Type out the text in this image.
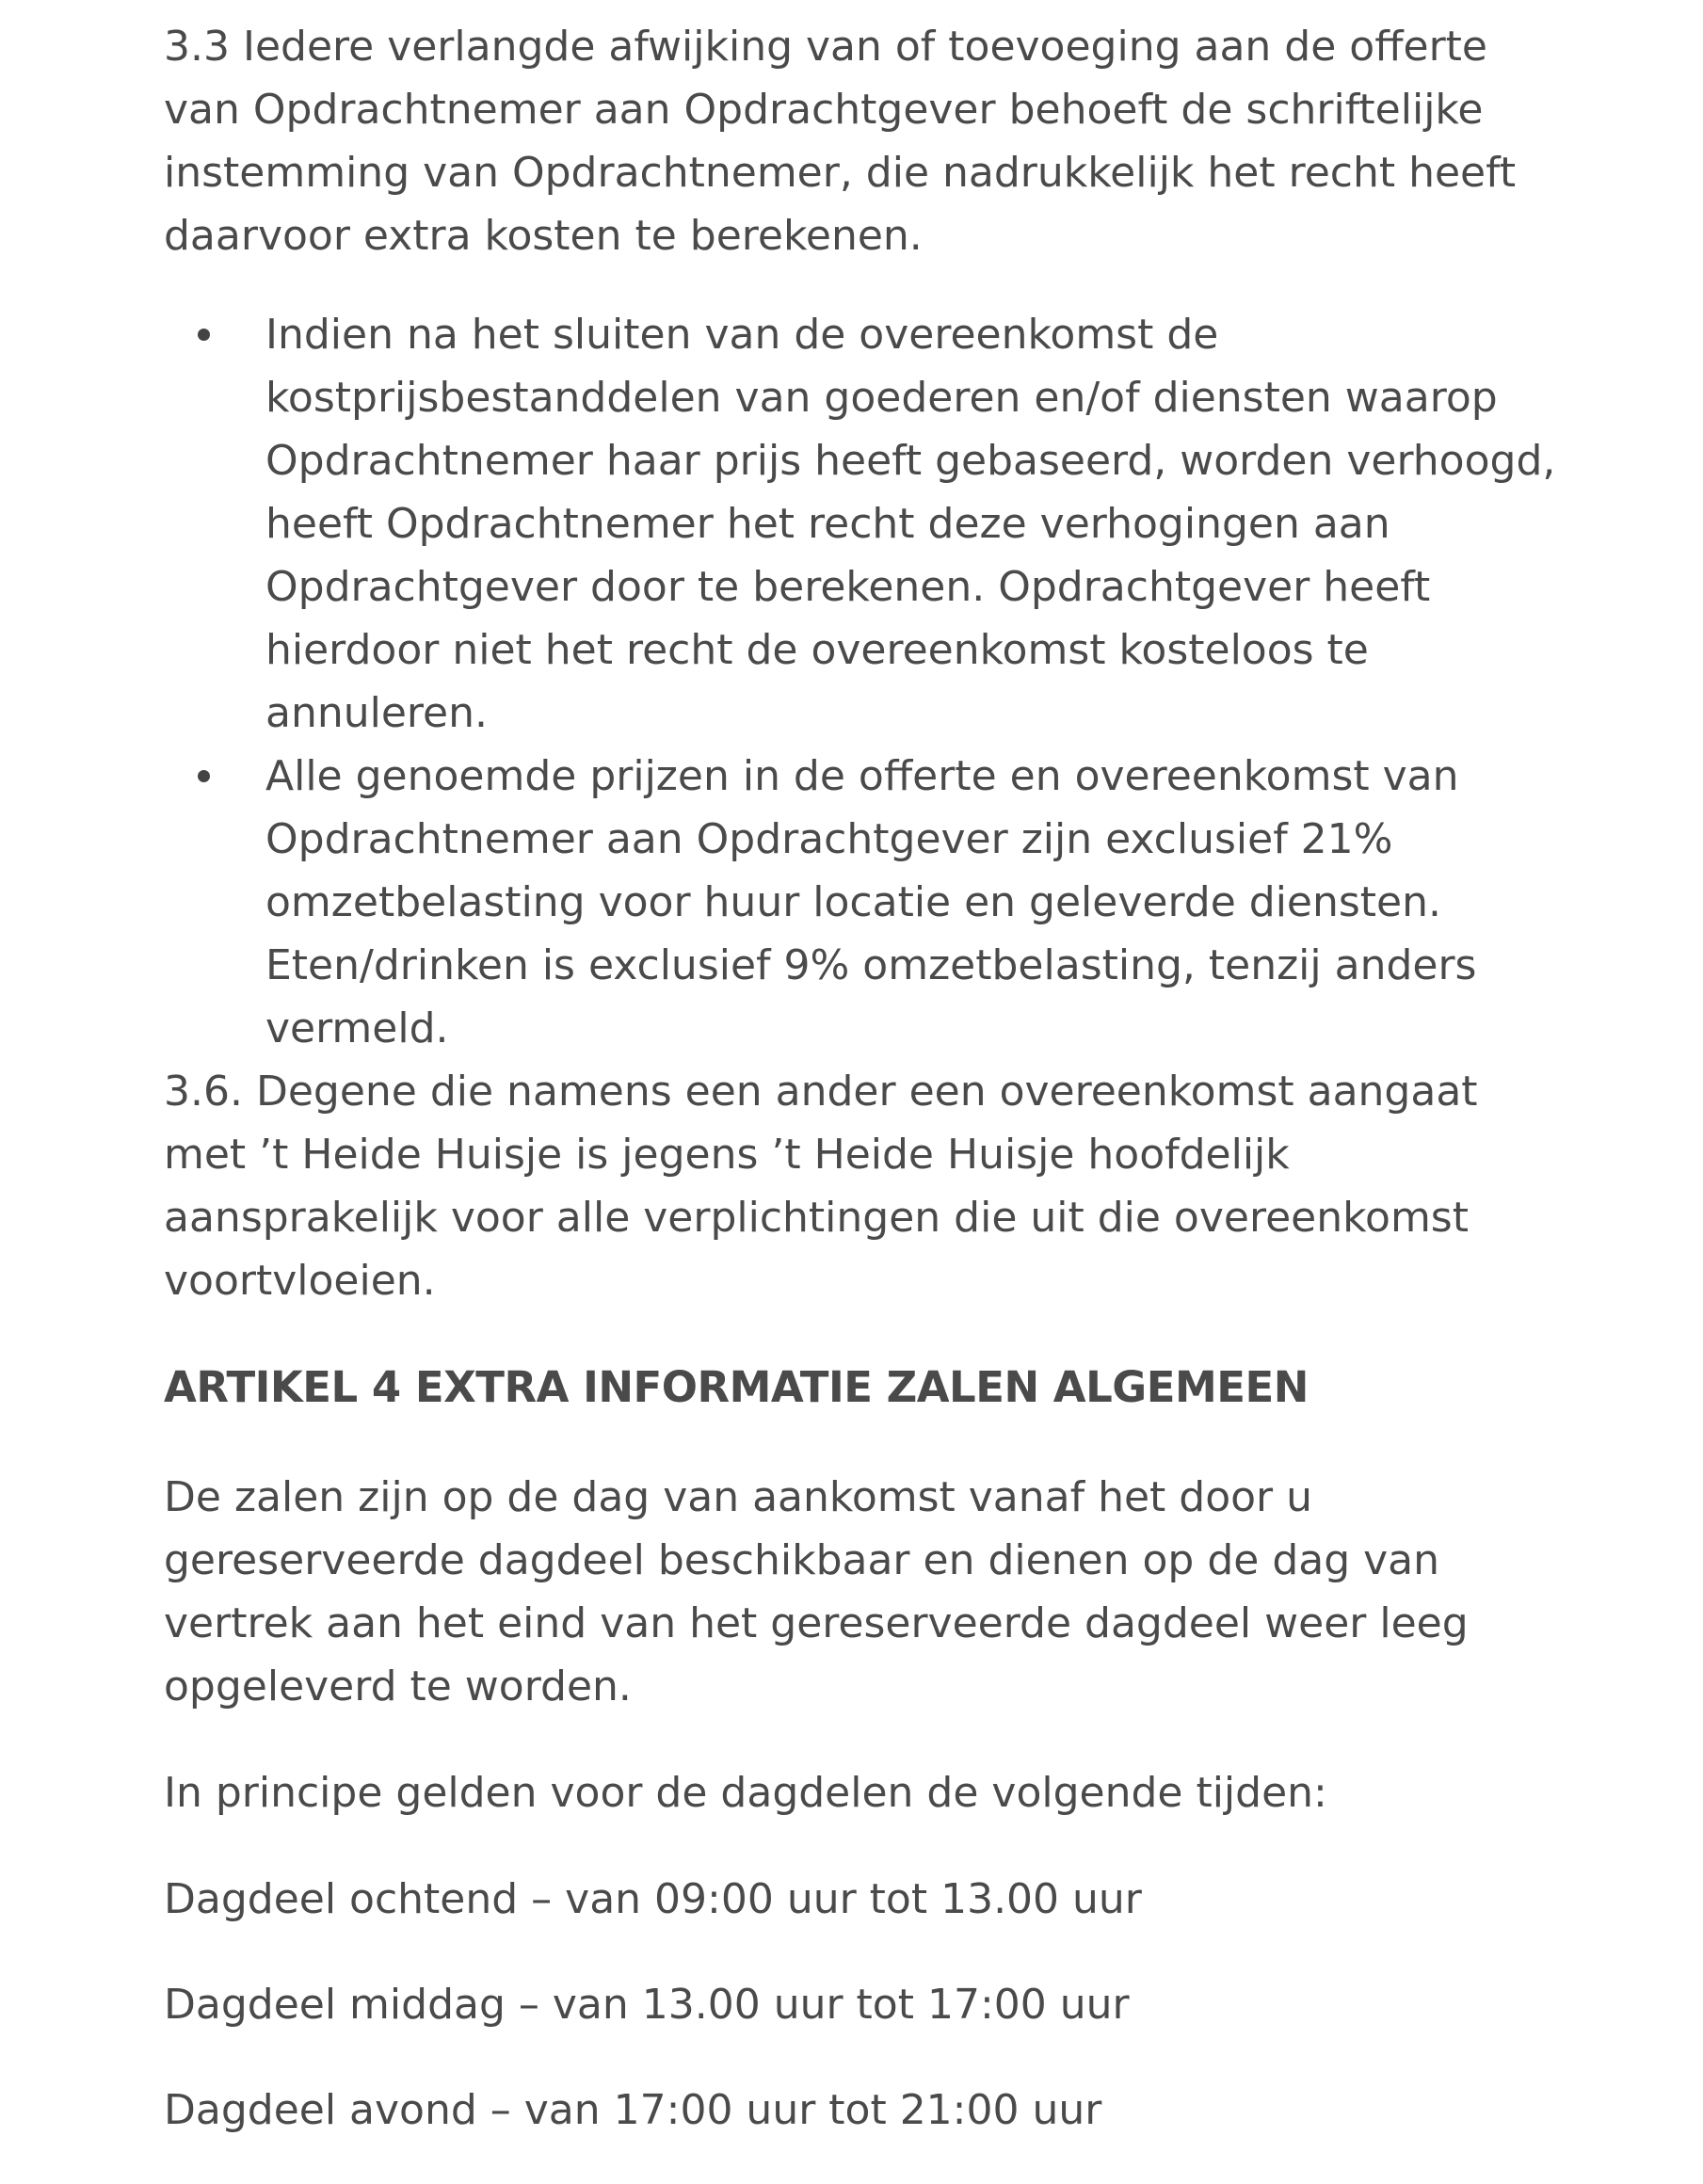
3.3 Iedere verlangde afwijking van of toevoeging aan de offerte van Opdrachtnemer aan Opdrachtgever behoeft de schriftelijke instemming van Opdrachtnemer, die nadrukkelijk het recht heeft daarvoor extra kosten te berekenen.

Indien na het sluiten van de overeenkomst de kostprijsbestanddelen van goederen en/of diensten waarop Opdrachtnemer haar prijs heeft gebaseerd, worden verhoogd, heeft Opdrachtnemer het recht deze verhogingen aan Opdrachtgever door te berekenen. Opdrachtgever heeft hierdoor niet het recht de overeenkomst kosteloos te annuleren.
Alle genoemde prijzen in de offerte en overeenkomst van Opdrachtnemer aan Opdrachtgever zijn exclusief 21% omzetbelasting voor huur locatie en geleverde diensten. Eten/drinken is exclusief 9% omzetbelasting, tenzij anders vermeld.

3.6. Degene die namens een ander een overeenkomst aangaat met ’t Heide Huisje is jegens ’t Heide Huisje hoofdelijk aansprakelijk voor alle verplichtingen die uit die overeenkomst voortvloeien.

ARTIKEL 4 EXTRA INFORMATIE ZALEN ALGEMEEN

De zalen zijn op de dag van aankomst vanaf het door u gereserveerde dagdeel beschikbaar en dienen op de dag van vertrek aan het eind van het gereserveerde dagdeel weer leeg opgeleverd te worden.

In principe gelden voor de dagdelen de volgende tijden:

Dagdeel ochtend – van 09:00 uur tot 13.00 uur

Dagdeel middag – van 13.00 uur tot 17:00 uur

Dagdeel avond – van 17:00 uur tot 21:00 uur
